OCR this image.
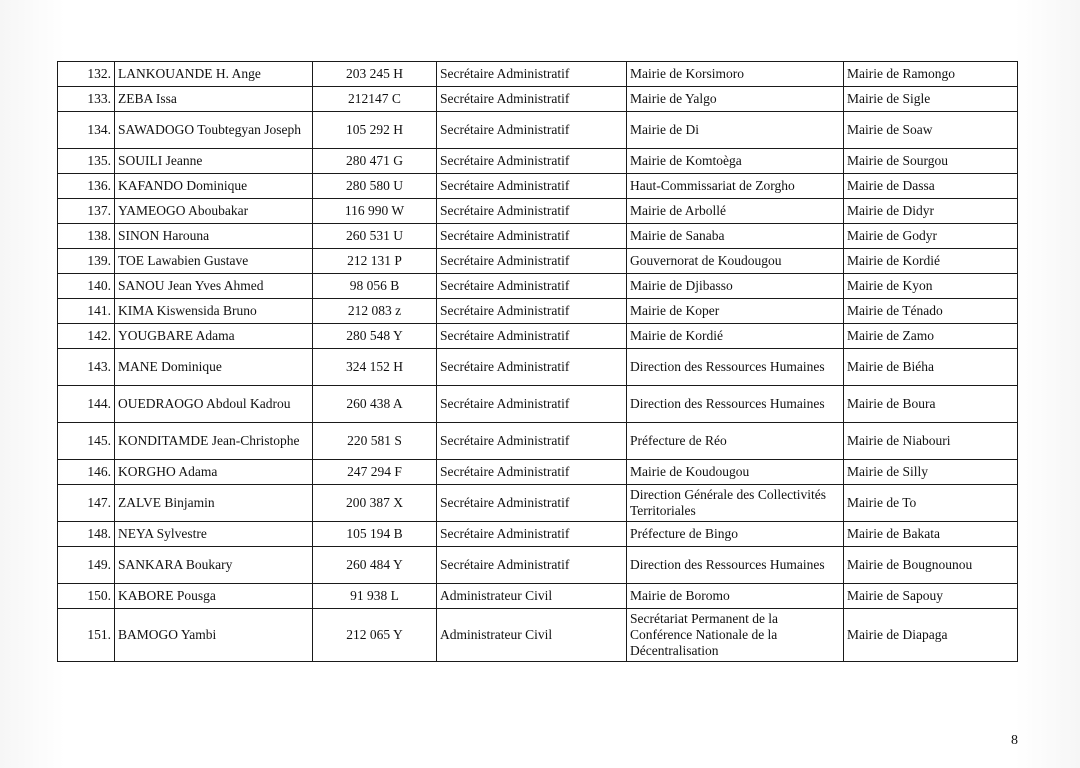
132.	LANKOUANDE H. Ange	203 245 H	Secrétaire Administratif	Mairie de Korsimoro	Mairie de Ramongo
133.	ZEBA Issa	212147 C	Secrétaire Administratif	Mairie de Yalgo	Mairie de Sigle
134.	SAWADOGO Toubtegyan Joseph	105 292 H	Secrétaire Administratif	Mairie de Di	Mairie de Soaw
135.	SOUILI Jeanne	280 471 G	Secrétaire Administratif	Mairie de Komtoèga	Mairie de Sourgou
136.	KAFANDO Dominique	280 580 U	Secrétaire Administratif	Haut-Commissariat de Zorgho	Mairie de Dassa
137.	YAMEOGO Aboubakar	116 990 W	Secrétaire Administratif	Mairie de Arbollé	Mairie de Didyr
138.	SINON Harouna	260 531 U	Secrétaire Administratif	Mairie de Sanaba	Mairie de Godyr
139.	TOE Lawabien Gustave	212 131 P	Secrétaire Administratif	Gouvernorat de Koudougou	Mairie de Kordié
140.	SANOU Jean Yves Ahmed	98 056 B	Secrétaire Administratif	Mairie de Djibasso	Mairie de Kyon
141.	KIMA Kiswensida Bruno	212 083 z	Secrétaire Administratif	Mairie de Koper	Mairie de Ténado
142.	YOUGBARE Adama	280 548 Y	Secrétaire Administratif	Mairie de Kordié	Mairie de Zamo
143.	MANE Dominique	324 152 H	Secrétaire Administratif	Direction des Ressources Humaines	Mairie de Biéha
144.	OUEDRAOGO Abdoul Kadrou	260 438 A	Secrétaire Administratif	Direction des Ressources Humaines	Mairie de Boura
145.	KONDITAMDE Jean-Christophe	220 581 S	Secrétaire Administratif	Préfecture de Réo	Mairie de Niabouri
146.	KORGHO Adama	247 294 F	Secrétaire Administratif	Mairie de Koudougou	Mairie de Silly
147.	ZALVE Binjamin	200 387 X	Secrétaire Administratif	Direction Générale des Collectivités Territoriales	Mairie de To
148.	NEYA Sylvestre	105 194 B	Secrétaire Administratif	Préfecture de Bingo	Mairie de Bakata
149.	SANKARA Boukary	260 484 Y	Secrétaire Administratif	Direction des Ressources Humaines	Mairie de Bougnounou
150.	KABORE Pousga	91 938 L	Administrateur Civil	Mairie de Boromo	Mairie de Sapouy
151.	BAMOGO Yambi	212 065 Y	Administrateur Civil	Secrétariat Permanent de la Conférence Nationale de la Décentralisation	Mairie de Diapaga
8
